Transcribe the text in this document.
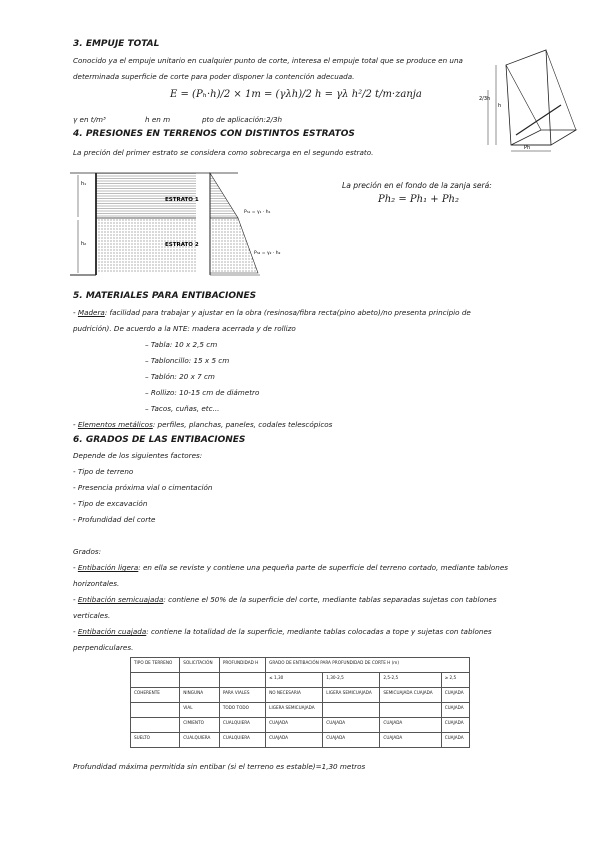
3. EMPUJE TOTAL
Conocido ya el empuje unitario en cualquier punto de corte, interesa el empuje total que se produce en una
determinada superficie de corte para poder disponer la contención adecuada.
E = (Pₕ·h)/2 × 1m = (γλh)/2 h = γλ h²/2 t/m·zanja
γ en t/m³	h en m	pto de aplicación:2/3h
2/3h
h
Ph
4. PRESIONES EN TERRENOS CON DISTINTOS ESTRATOS
La preción del primer estrato se considera como sobrecarga en el segundo estrato.
h₁
h₂
ESTRATO 1
ESTRATO 2
Pₕ₁ = γ₁ · h₁
Pₕ₂ = γ₂ · h₂
La preción en el fondo de la zanja será:
Ph₂ = Ph₁ + Ph₂
5. MATERIALES PARA ENTIBACIONES
- Madera: facilidad para trabajar y ajustar en la obra (resinosa/fibra recta(pino abeto)/no presenta principio de
pudrición). De acuerdo a la NTE: madera acerrada y de rollizo
– Tabla: 10 x 2,5 cm
– Tabloncillo: 15 x 5 cm
– Tablón: 20 x 7 cm
– Rollizo: 10-15 cm de diámetro
– Tacos, cuñas, etc...
- Elementos metálicos: perfiles, planchas, paneles, codales telescópicos
6. GRADOS DE LAS ENTIBACIONES
Depende de los siguientes factores:
- Tipo de terreno
- Presencia próxima vial o cimentación
- Tipo de excavación
- Profundidad del corte
Grados:
- Entibación ligera: en ella se reviste y contiene una pequeña parte de superficie del terreno cortado, mediante tablones
horizontales.
- Entibación semicuajada: contiene el 50% de la superficie del corte, mediante tablas separadas sujetas con tablones
verticales.
- Entibación cuajada: contiene la totalidad de la superficie, mediante tablas colocadas a tope y sujetas con tablones
perpendiculares.
TIPO DE TERRENO	SOLICITACIÓN	PROFUNDIDAD H	GRADO DE ENTIBACIÓN PARA PROFUNDIDAD DE CORTE H (m)			
			≤ 1,30	1,30-2,5	2,5-2,5	≥ 2,5
COHERENTE	NINGUNA	PARA VIALES	NO NECESARIA	LIGERA SEMICUAJADA	SEMICUAJADA CUAJADA	CUAJADA
	VIAL	TODO TODO	LIGERA SEMICUAJADA			CUAJADA
	CIMIENTO	CUALQUIERA	CUAJADA	CUAJADA	CUAJADA	CUAJADA
SUELTO	CUALQUIERA	CUALQUIERA	CUAJADA	CUAJADA	CUAJADA	CUAJADA
Profundidad máxima permitida sin entibar (si el terreno es estable)=1,30 metros
